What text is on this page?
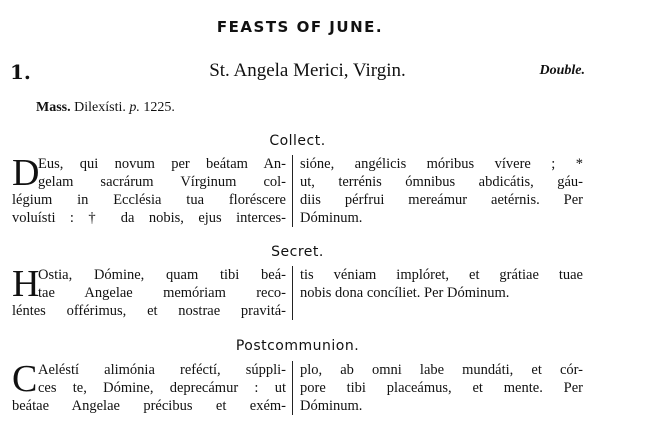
FEASTS OF JUNE.
1.	St. Angela Merici, Virgin.	Double.
Mass. Dilexísti. p. 1225.
Collect.
D
Eus, qui novum per beátam An-
gelam sacrárum Vírginum col-
légium in Ecclésia tua floréscere
voluísti : † da nobis, ejus interces-
sióne, angélicis móribus vívere ; *
ut, terrénis ómnibus abdicátis, gáu-
diis pérfrui mereámur aetérnis. Per
Dóminum.
Secret.
H
Ostia, Dómine, quam tibi beá-
tae Angelae memóriam reco-
léntes offérimus, et nostrae pravitá-
tis véniam implóret, et grátiae tuae
nobis dona concíliet. Per Dóminum.
Postcommunion.
C Aeléstí alimónia reféctí, súppli-
ces te, Dómine, deprecámur : ut
beátae Angelae précibus et exém-
plo, ab omni labe mundáti, et cór-
pore tibi placeámus, et mente. Per
Dóminum.
